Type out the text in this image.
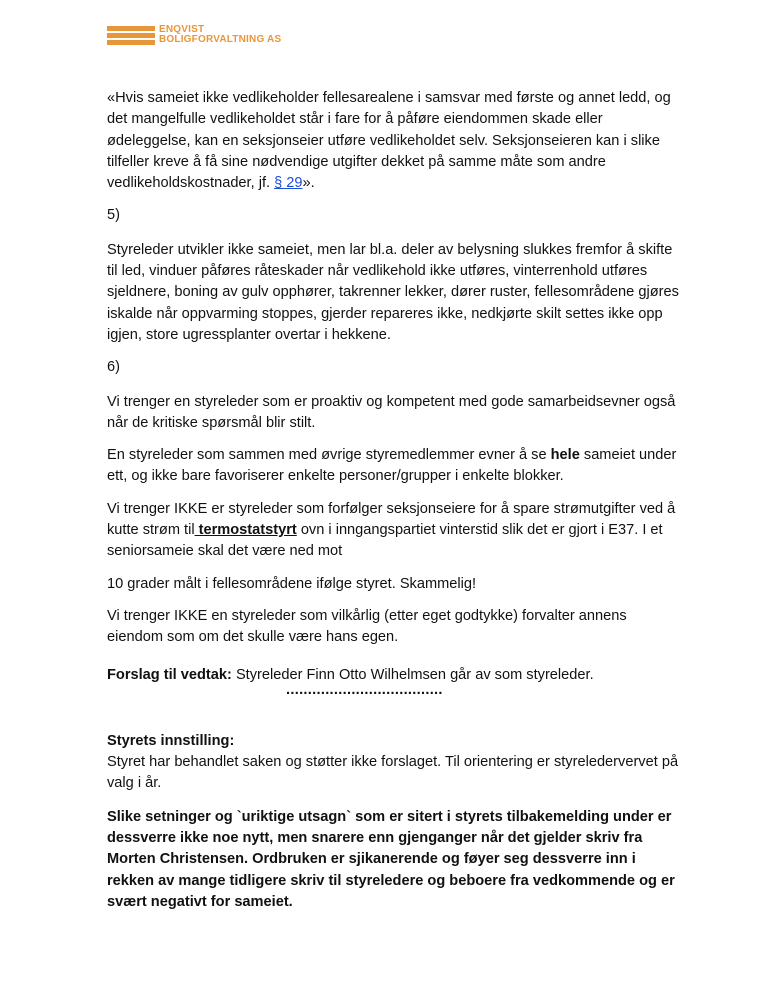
ENQVIST
BOLIGFORVALTNING AS

«Hvis sameiet ikke vedlikeholder fellesarealene i samsvar med første og annet ledd, og det mangelfulle vedlikeholdet står i fare for å påføre eiendommen skade eller ødeleggelse, kan en seksjonseier utføre vedlikeholdet selv. Seksjonseieren kan i slike tilfeller kreve å få sine nødvendige utgifter dekket på samme måte som andre vedlikeholdskostnader, jf. § 29».

5)

Styreleder utvikler ikke sameiet, men lar bl.a. deler av belysning slukkes fremfor å skifte til led, vinduer påføres råteskader når vedlikehold ikke utføres, vinterrenhold utføres sjeldnere, boning av gulv opphører, takrenner lekker, dører ruster, fellesområdene gjøres iskalde når oppvarming stoppes, gjerder repareres ikke, nedkjørte skilt settes ikke opp igjen, store ugressplanter overtar i hekkene.

6)

Vi trenger en styreleder som er proaktiv og kompetent med gode samarbeidsevner også når de kritiske spørsmål blir stilt.

En styreleder som sammen med øvrige styremedlemmer evner å se hele sameiet under ett, og ikke bare favoriserer enkelte personer/grupper i enkelte blokker.

Vi trenger IKKE er styreleder som forfølger seksjonseiere for å spare strømutgifter ved å kutte strøm til termostatstyrt ovn i inngangspartiet vinterstid slik det er gjort i E37. I et seniorsameie skal det være ned mot

10 grader målt i fellesområdene ifølge styret. Skammelig!

Vi trenger IKKE en styreleder som vilkårlig (etter eget godtykke) forvalter annens eiendom som om det skulle være hans egen.

Forslag til vedtak: Styreleder Finn Otto Wilhelmsen går av som styreleder.

Styrets innstilling:

Styret har behandlet saken og støtter ikke forslaget. Til orientering er styreledervervet på valg i år.

Slike setninger og `uriktige utsagn` som er sitert i styrets tilbakemelding under er dessverre ikke noe nytt, men snarere enn gjenganger når det gjelder skriv fra Morten Christensen. Ordbruken er sjikanerende og føyer seg dessverre inn i rekken av mange tidligere skriv til styreledere og beboere fra vedkommende og er svært negativt for sameiet.

....................................
